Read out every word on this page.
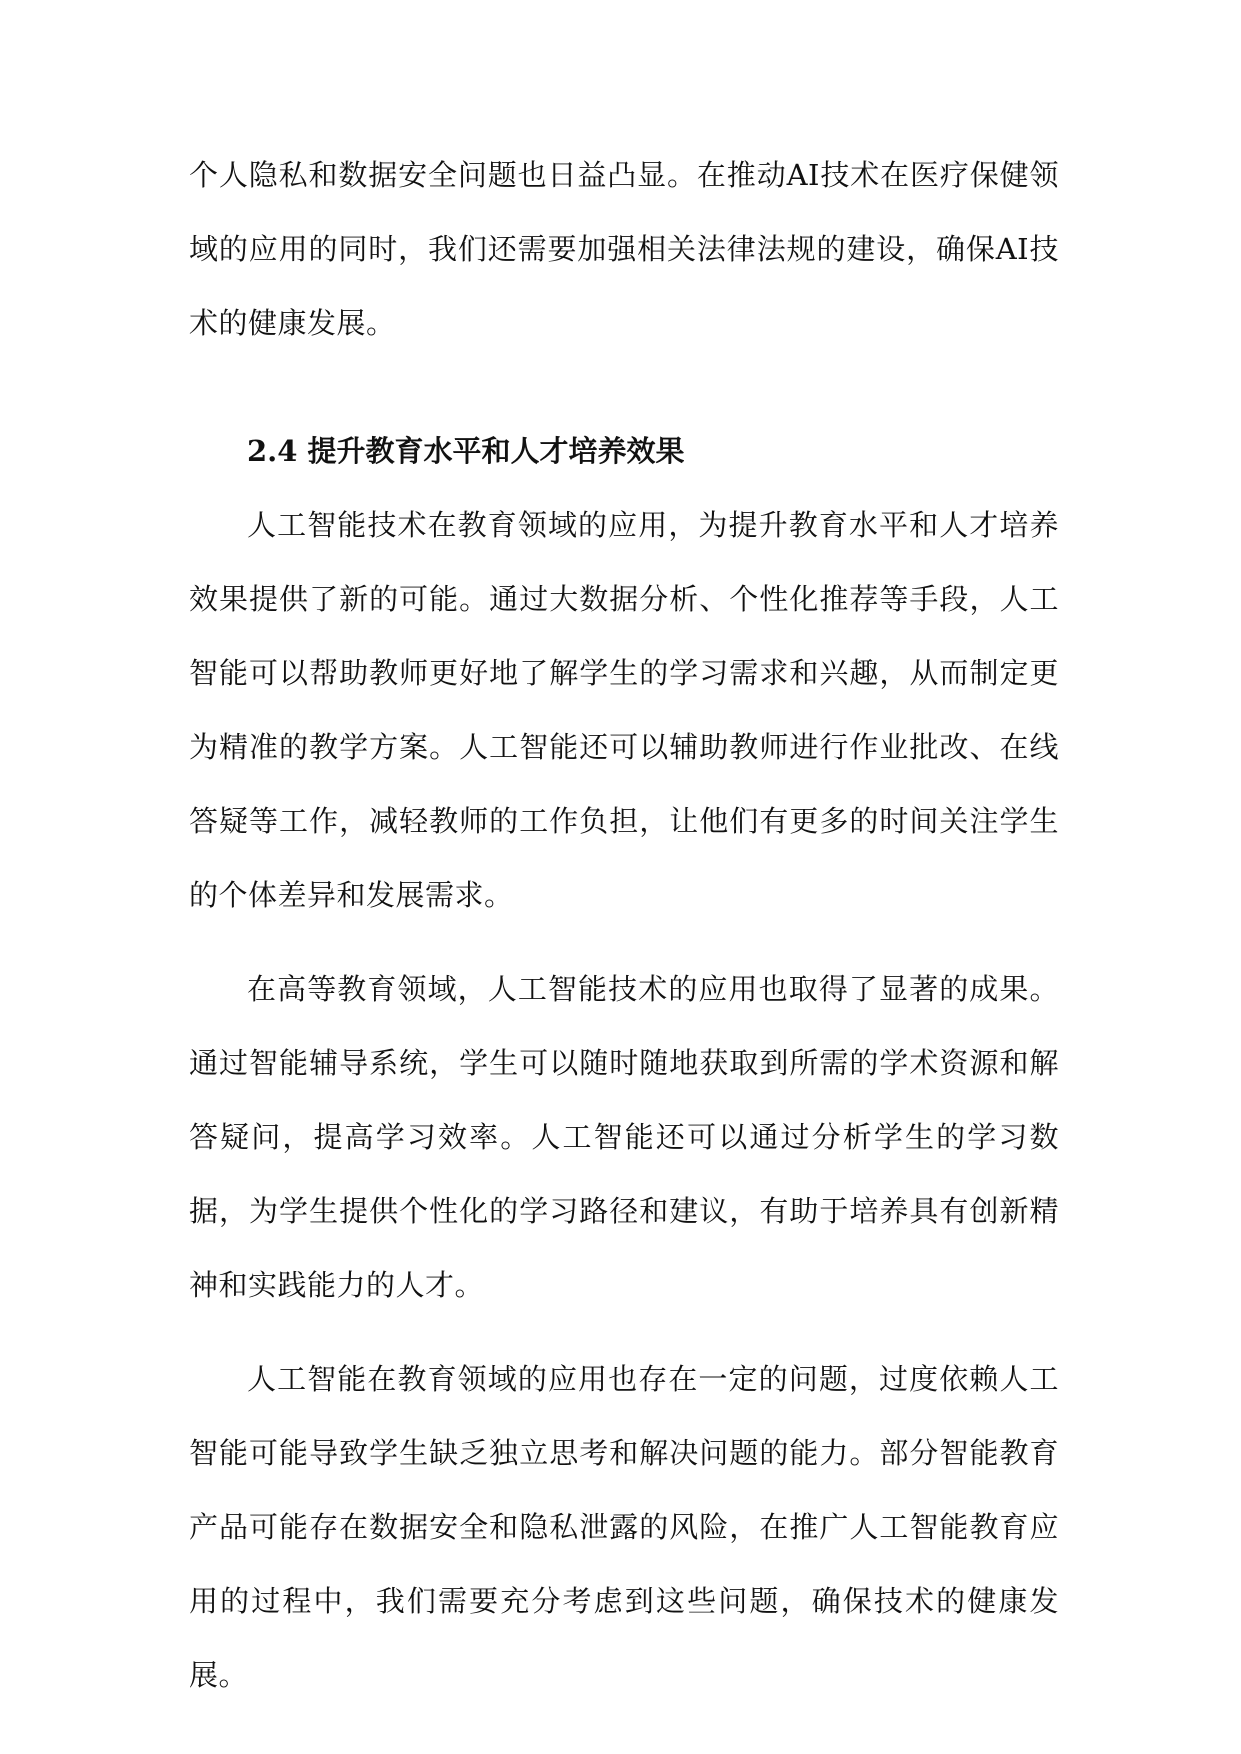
个人隐私和数据安全问题也日益凸显。在推动AI技术在医疗保健领域的应用的同时，我们还需要加强相关法律法规的建设，确保AI技术的健康发展。

2.4 提升教育水平和人才培养效果

人工智能技术在教育领域的应用，为提升教育水平和人才培养效果提供了新的可能。通过大数据分析、个性化推荐等手段，人工智能可以帮助教师更好地了解学生的学习需求和兴趣，从而制定更为精准的教学方案。人工智能还可以辅助教师进行作业批改、在线答疑等工作，减轻教师的工作负担，让他们有更多的时间关注学生的个体差异和发展需求。

在高等教育领域，人工智能技术的应用也取得了显著的成果。通过智能辅导系统，学生可以随时随地获取到所需的学术资源和解答疑问，提高学习效率。人工智能还可以通过分析学生的学习数据，为学生提供个性化的学习路径和建议，有助于培养具有创新精神和实践能力的人才。

人工智能在教育领域的应用也存在一定的问题，过度依赖人工智能可能导致学生缺乏独立思考和解决问题的能力。部分智能教育产品可能存在数据安全和隐私泄露的风险，在推广人工智能教育应用的过程中，我们需要充分考虑到这些问题，确保技术的健康发展。
